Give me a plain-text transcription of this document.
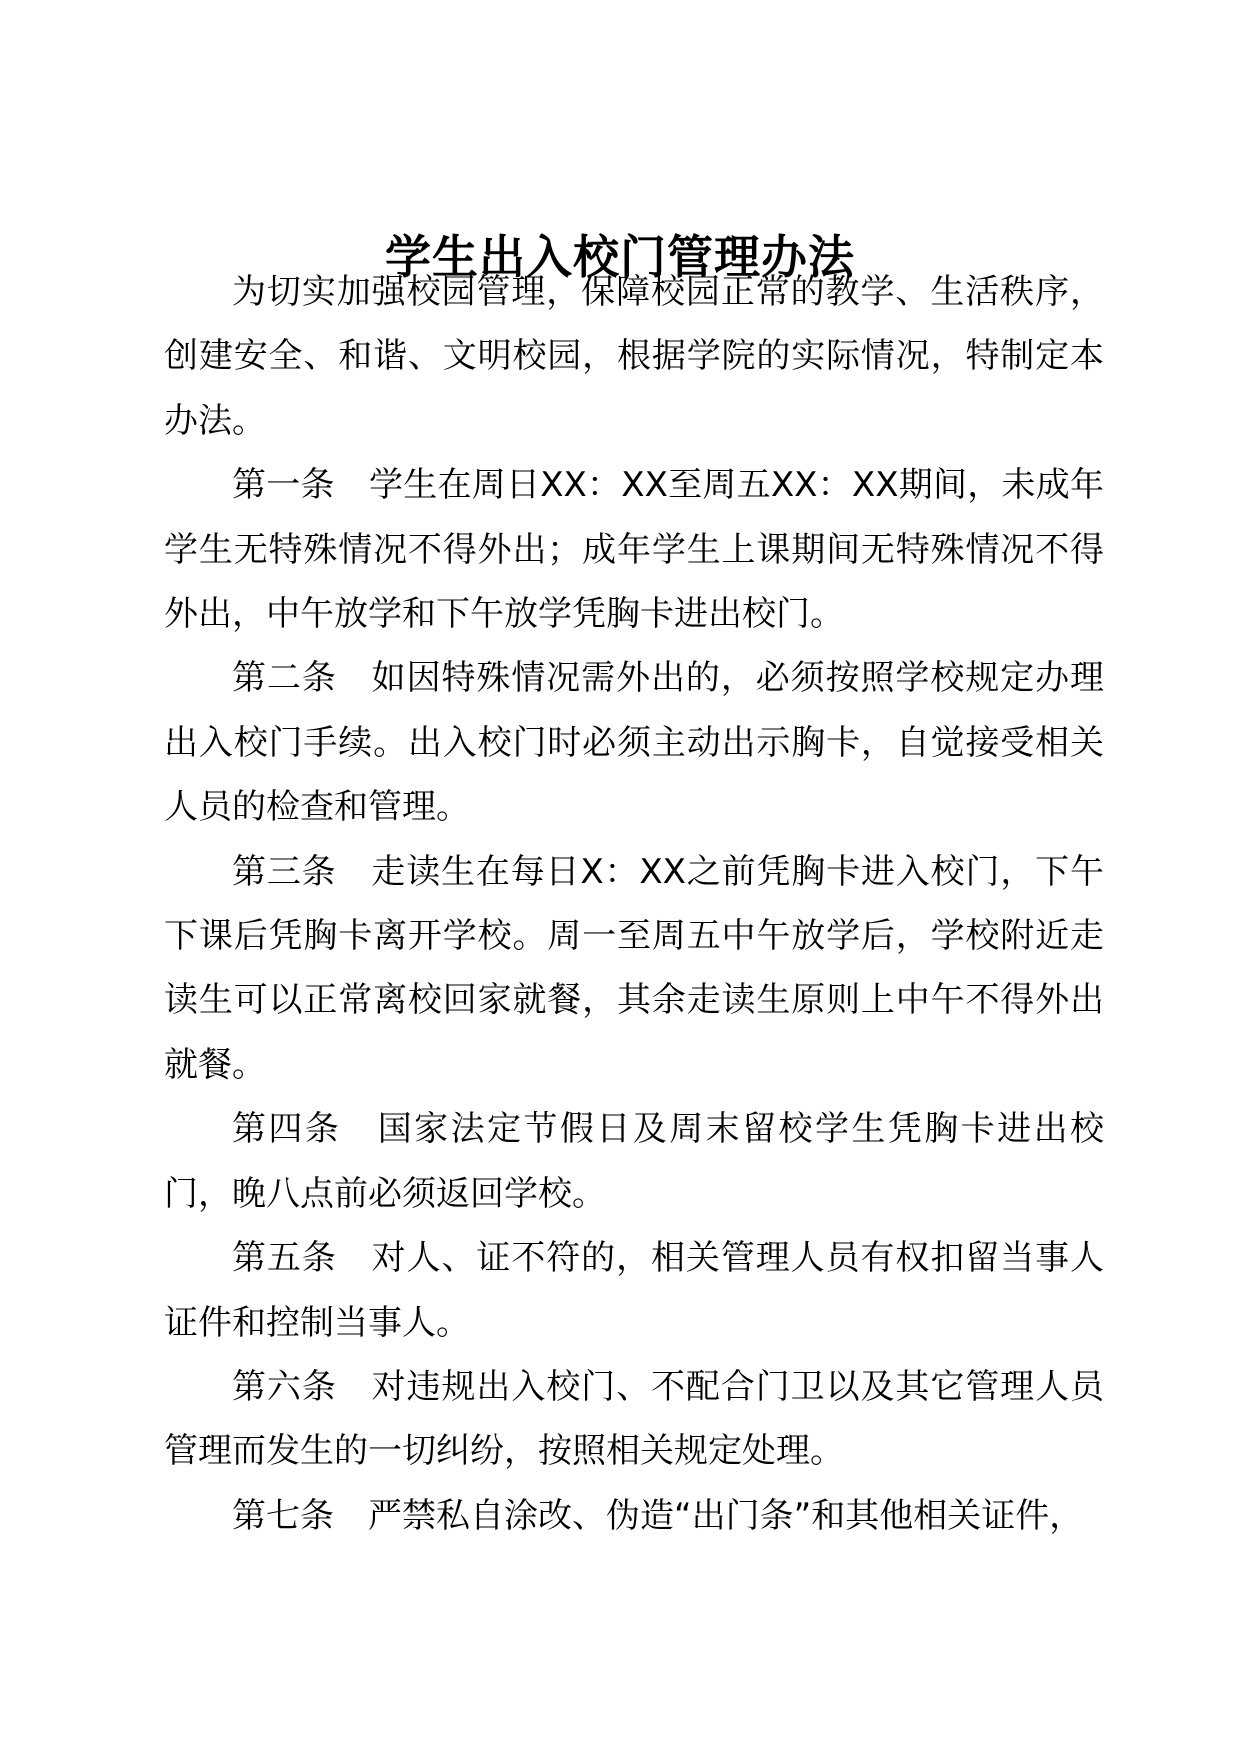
学生出入校门管理办法

为切实加强校园管理，保障校园正常的教学、生活秩序，创建安全、和谐、文明校园，根据学院的实际情况，特制定本办法。

第一条　学生在周日XX：XX至周五XX：XX期间，未成年学生无特殊情况不得外出；成年学生上课期间无特殊情况不得外出，中午放学和下午放学凭胸卡进出校门。

第二条　如因特殊情况需外出的，必须按照学校规定办理出入校门手续。出入校门时必须主动出示胸卡，自觉接受相关人员的检查和管理。

第三条　走读生在每日X：XX之前凭胸卡进入校门，下午下课后凭胸卡离开学校。周一至周五中午放学后，学校附近走读生可以正常离校回家就餐，其余走读生原则上中午不得外出就餐。

第四条　国家法定节假日及周末留校学生凭胸卡进出校门，晚八点前必须返回学校。

第五条　对人、证不符的，相关管理人员有权扣留当事人证件和控制当事人。

第六条　对违规出入校门、不配合门卫以及其它管理人员管理而发生的一切纠纷，按照相关规定处理。

第七条　严禁私自涂改、伪造“出门条”和其他相关证件，
